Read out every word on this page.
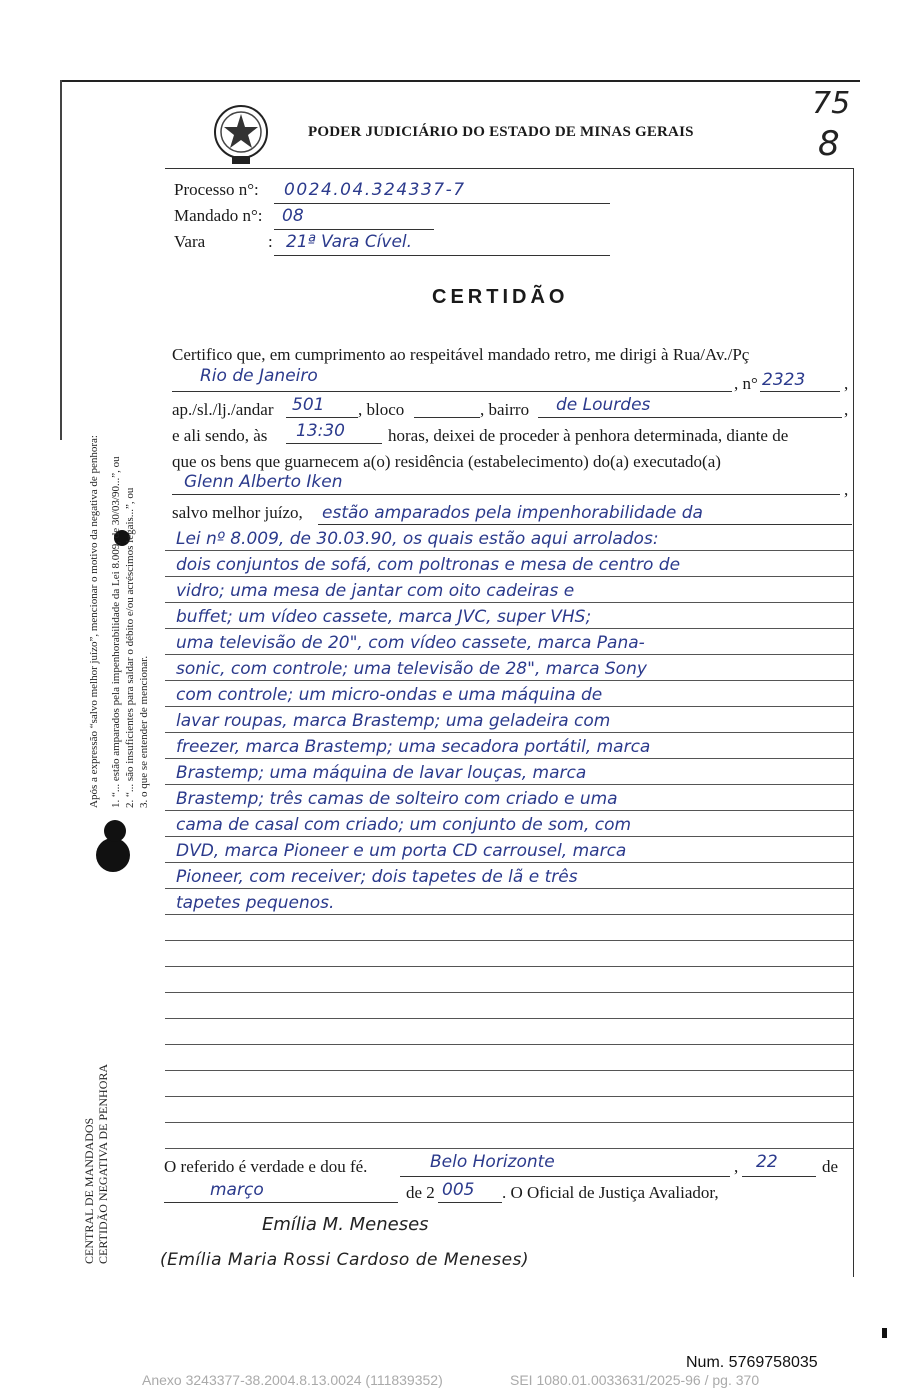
75
8
PODER JUDICIÁRIO DO ESTADO DE MINAS GERAIS
Processo n°: 0024.04.324337-7
Mandado n°: 08
Vara	: 21ª Vara Cível.
CERTIDÃO
Certifico que, em cumprimento ao respeitável mandado retro, me dirigi à Rua/Av./Pç
Rio de Janeiro	, n° 2323 ,
ap./sl./lj./andar 501 , bloco	, bairro de Lourdes	,
e ali sendo, às 13:30	horas, deixei de proceder à penhora determinada, diante de
que os bens que guarnecem a(o) residência (estabelecimento) do(a) executado(a)
Glenn Alberto Iken	,
salvo melhor juízo, estão amparados pela impenhorabilidade da
Lei nº 8.009, de 30.03.90, os quais estão aqui arrolados:
dois conjuntos de sofá, com poltronas e mesa de centro de
vidro; uma mesa de jantar com oito cadeiras e
buffet; um vídeo cassete, marca JVC, super VHS;
uma televisão de 20", com vídeo cassete, marca Pana-
sonic, com controle; uma televisão de 28", marca Sony
com controle; um micro-ondas e uma máquina de
lavar roupas, marca Brastemp; uma geladeira com
freezer, marca Brastemp; uma secadora portátil, marca
Brastemp; uma máquina de lavar louças, marca
Brastemp; três camas de solteiro com criado e uma
cama de casal com criado; um conjunto de som, com
DVD, marca Pioneer e um porta CD carrousel, marca
Pioneer, com receiver; dois tapetes de lã e três
tapetes pequenos.
O referido é verdade e dou fé.	Belo Horizonte	, 22	de
março	de 2 005 . O Oficial de Justiça Avaliador,
Emília M. Meneses
(Emília Maria Rossi Cardoso de Meneses)
Após a expressão “salvo melhor juízo”, mencionar o motivo da negativa de penhora: 1. “... estão amparados pela impenhorabilidade da Lei 8.009, de 30/03/90...”, ou 2. “... são insuficientes para saldar o débito e/ou acréscimos legais...”, ou 3. o que se entender de mencionar.
CENTRAL DE MANDADOS CERTIDÃO NEGATIVA DE PENHORA
Num. 5769758035
Anexo 3243377-38.2004.8.13.0024 (111839352)	SEI 1080.01.0033631/2025-96 / pg. 370
